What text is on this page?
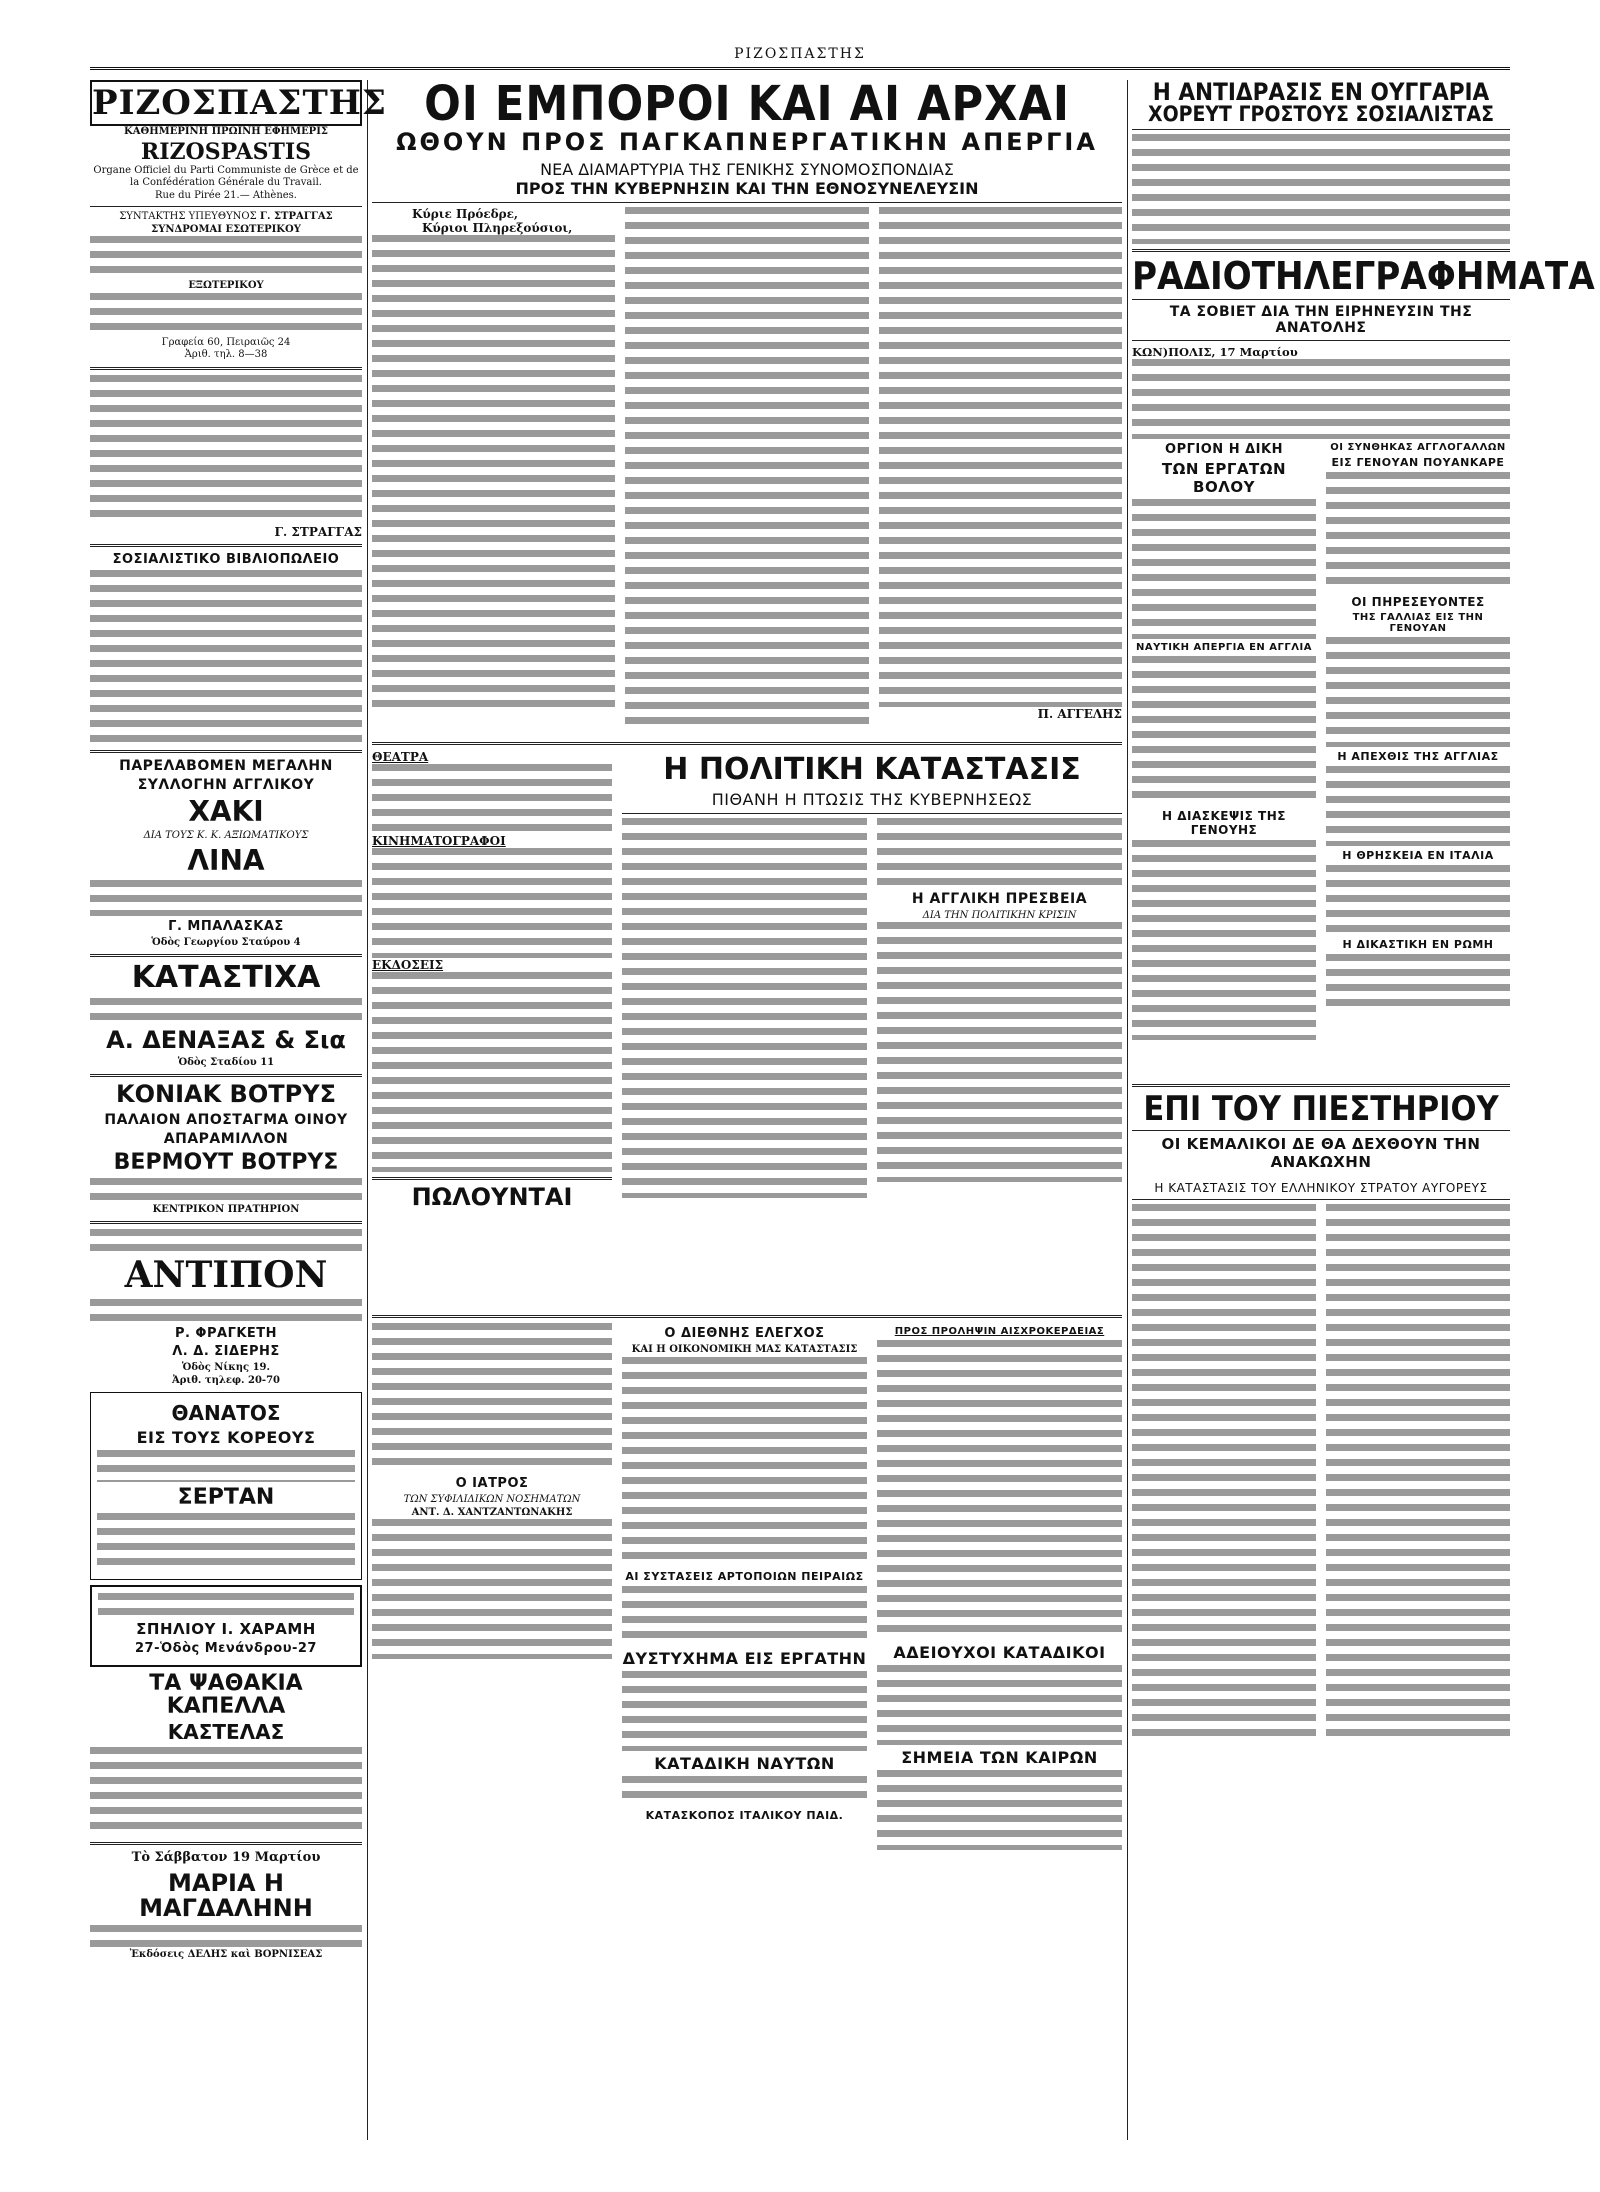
ΡΙΖΟΣΠΑΣΤΗΣ
ΡΙΖΟΣΠΑΣΤΗΣ
ΚΑΘΗΜΕΡΙΝΗ ΠΡΩΙΝΗ ΕΦΗΜΕΡΙΣ
RIZOSPASTIS
Organe Officiel du Parti Communiste de Grèce et de la Confédération Générale du Travail.
Rue du Pirée 21.— Athènes.
ΣΥΝΤΑΚΤΗΣ ΥΠΕΥΘΥΝΟΣ Γ. ΣΤΡΑΓΓΑΣ
ΣΥΝΔΡΟΜΑΙ ΕΣΩΤΕΡΙΚΟΥ
ΕΞΩΤΕΡΙΚΟΥ
Γραφεία 60, Πειραιῶς 24
Ἀριθ. τηλ. 8—38
Γ. ΣΤΡΑΓΓΑΣ
ΣΟΣΙΑΛΙΣΤΙΚΟ ΒΙΒΛΙΟΠΩΛΕΙΟ
ΠΑΡΕΛΑΒΟΜΕΝ ΜΕΓΑΛΗΝ
ΣΥΛΛΟΓΗΝ ΑΓΓΛΙΚΟΥ
ΧΑΚΙ
ΔΙΑ ΤΟΥΣ Κ. Κ. ΑΞΙΩΜΑΤΙΚΟΥΣ
ΛΙΝΑ
Γ. ΜΠΑΛΑΣΚΑΣ
Ὁδὸς Γεωργίου Σταύρου 4
ΚΑΤΑΣΤΙΧΑ
Α. ΔΕΝΑΞΑΣ & Σια
Ὁδὸς Σταδίου 11
ΚΟΝΙΑΚ ΒΟΤΡΥΣ
ΠΑΛΑΙΟΝ ΑΠΟΣΤΑΓΜΑ ΟΙΝΟΥ
ΑΠΑΡΑΜΙΛΛΟΝ
ΒΕΡΜΟΥΤ ΒΟΤΡΥΣ
ΚΕΝΤΡΙΚΟΝ ΠΡΑΤΗΡΙΟΝ
ΑΝΤΙΠΟΝ
Ρ. ΦΡΑΓΚΕΤΗ
Λ. Δ. ΣΙΔΕΡΗΣ
Ὁδὸς Νίκης 19.
Ἀριθ. τηλεφ. 20-70
ΘΑΝΑΤΟΣ
ΕΙΣ ΤΟΥΣ ΚΟΡΕΟΥΣ
ΣΕΡΤΑΝ
ΣΠΗΛΙΟΥ Ι. ΧΑΡΑΜΗ
27-Ὁδὸς Μενάνδρου-27
ΤΑ ΨΑΘΑΚΙΑ ΚΑΠΕΛΛΑ
ΚΑΣΤΕΛΑΣ
Τὸ Σάββατον 19 Μαρτίου
ΜΑΡΙΑ Η ΜΑΓΔΑΛΗΝΗ
Ἐκδόσεις ΔΕΛΗΣ καὶ ΒΟΡΝΙΣΕΑΣ
ΟΙ ΕΜΠΟΡΟΙ ΚΑΙ ΑΙ ΑΡΧΑΙ
ΩΘΟΥΝ ΠΡΟΣ ΠΑΓΚΑΠΝΕΡΓΑΤΙΚΗΝ ΑΠΕΡΓΙΑ
ΝΕΑ ΔΙΑΜΑΡΤΥΡΙΑ ΤΗΣ ΓΕΝΙΚΗΣ ΣΥΝΟΜΟΣΠΟΝΔΙΑΣ
ΠΡΟΣ ΤΗΝ ΚΥΒΕΡΝΗΣΙΝ ΚΑΙ ΤΗΝ ΕΘΝΟΣΥΝΕΛΕΥΣΙΝ
Κύριε Πρόεδρε,
Κύριοι Πληρεξούσιοι,
Π. ΑΓΓΕΛΗΣ
ΘΕΑΤΡΑ
ΚΙΝΗΜΑΤΟΓΡΑΦΟΙ
ΕΚΔΟΣΕΙΣ
ΠΩΛΟΥΝΤΑΙ
Η ΠΟΛΙΤΙΚΗ ΚΑΤΑΣΤΑΣΙΣ
ΠΙΘΑΝΗ Η ΠΤΩΣΙΣ ΤΗΣ ΚΥΒΕΡΝΗΣΕΩΣ
Η ΑΓΓΛΙΚΗ ΠΡΕΣΒΕΙΑ
ΔΙΑ ΤΗΝ ΠΟΛΙΤΙΚΗΝ ΚΡΙΣΙΝ
Ο ΙΑΤΡΟΣ
ΤΩΝ ΣΥΦΙΛΙΔΙΚΩΝ ΝΟΣΗΜΑΤΩΝ
ΑΝΤ. Δ. ΧΑΝΤΖΑΝΤΩΝΑΚΗΣ
Ο ΔΙΕΘΝΗΣ ΕΛΕΓΧΟΣ
ΚΑΙ Η ΟΙΚΟΝΟΜΙΚΗ ΜΑΣ ΚΑΤΑΣΤΑΣΙΣ
ΑΙ ΣΥΣΤΑΣΕΙΣ ΑΡΤΟΠΟΙΩΝ ΠΕΙΡΑΙΩΣ
ΔΥΣΤΥΧΗΜΑ ΕΙΣ ΕΡΓΑΤΗΝ
ΚΑΤΑΔΙΚΗ ΝΑΥΤΩΝ
ΚΑΤΑΣΚΟΠΟΣ ΙΤΑΛΙΚΟΥ ΠΑΙΔ.
ΠΡΟΣ ΠΡΟΛΗΨΙΝ ΑΙΣΧΡΟΚΕΡΔΕΙΑΣ
ΑΔΕΙΟΥΧΟΙ ΚΑΤΑΔΙΚΟΙ
ΣΗΜΕΙΑ ΤΩΝ ΚΑΙΡΩΝ
Η ΑΝΤΙΔΡΑΣΙΣ ΕΝ ΟΥΓΓΑΡΙΑ
ΧΟΡΕΥΤ ΓΡΟΣΤΟΥΣ ΣΟΣΙΑΛΙΣΤΑΣ
ΡΑΔΙΟΤΗΛΕΓΡΑΦΗΜΑΤΑ
ΤΑ ΣΟΒΙΕΤ ΔΙΑ ΤΗΝ ΕΙΡΗΝΕΥΣΙΝ ΤΗΣ ΑΝΑΤΟΛΗΣ
ΚΩΝ)ΠΟΛΙΣ, 17 Μαρτίου
ΟΡΓΙΟΝ Η ΔΙΚΗ
ΤΩΝ ΕΡΓΑΤΩΝ ΒΟΛΟΥ
ΝΑΥΤΙΚΗ ΑΠΕΡΓΙΑ ΕΝ ΑΓΓΛΙΑ
Η ΔΙΑΣΚΕΨΙΣ ΤΗΣ ΓΕΝΟΥΗΣ
ΟΙ ΣΥΝΘΗΚΑΣ ΑΓΓΛΟΓΑΛΛΩΝ
ΕΙΣ ΓΕΝΟΥΑΝ ΠΟΥΑΝΚΑΡΕ
ΟΙ ΠΗΡΕΣΕΥΟΝΤΕΣ
ΤΗΣ ΓΑΛΛΙΑΣ ΕΙΣ ΤΗΝ ΓΕΝΟΥΑΝ
Η ΑΠΕΧΘΙΣ ΤΗΣ ΑΓΓΛΙΑΣ
Η ΘΡΗΣΚΕΙΑ ΕΝ ΙΤΑΛΙΑ
Η ΔΙΚΑΣΤΙΚΗ ΕΝ ΡΩΜΗ
ΕΠΙ ΤΟΥ ΠΙΕΣΤΗΡΙΟΥ
ΟΙ ΚΕΜΑΛΙΚΟΙ ΔΕ ΘΑ ΔΕΧΘΟΥΝ ΤΗΝ ΑΝΑΚΩΧΗΝ
Η ΚΑΤΑΣΤΑΣΙΣ ΤΟΥ ΕΛΛΗΝΙΚΟΥ ΣΤΡΑΤΟΥ ΑΥΓΟΡΕΥΣ
